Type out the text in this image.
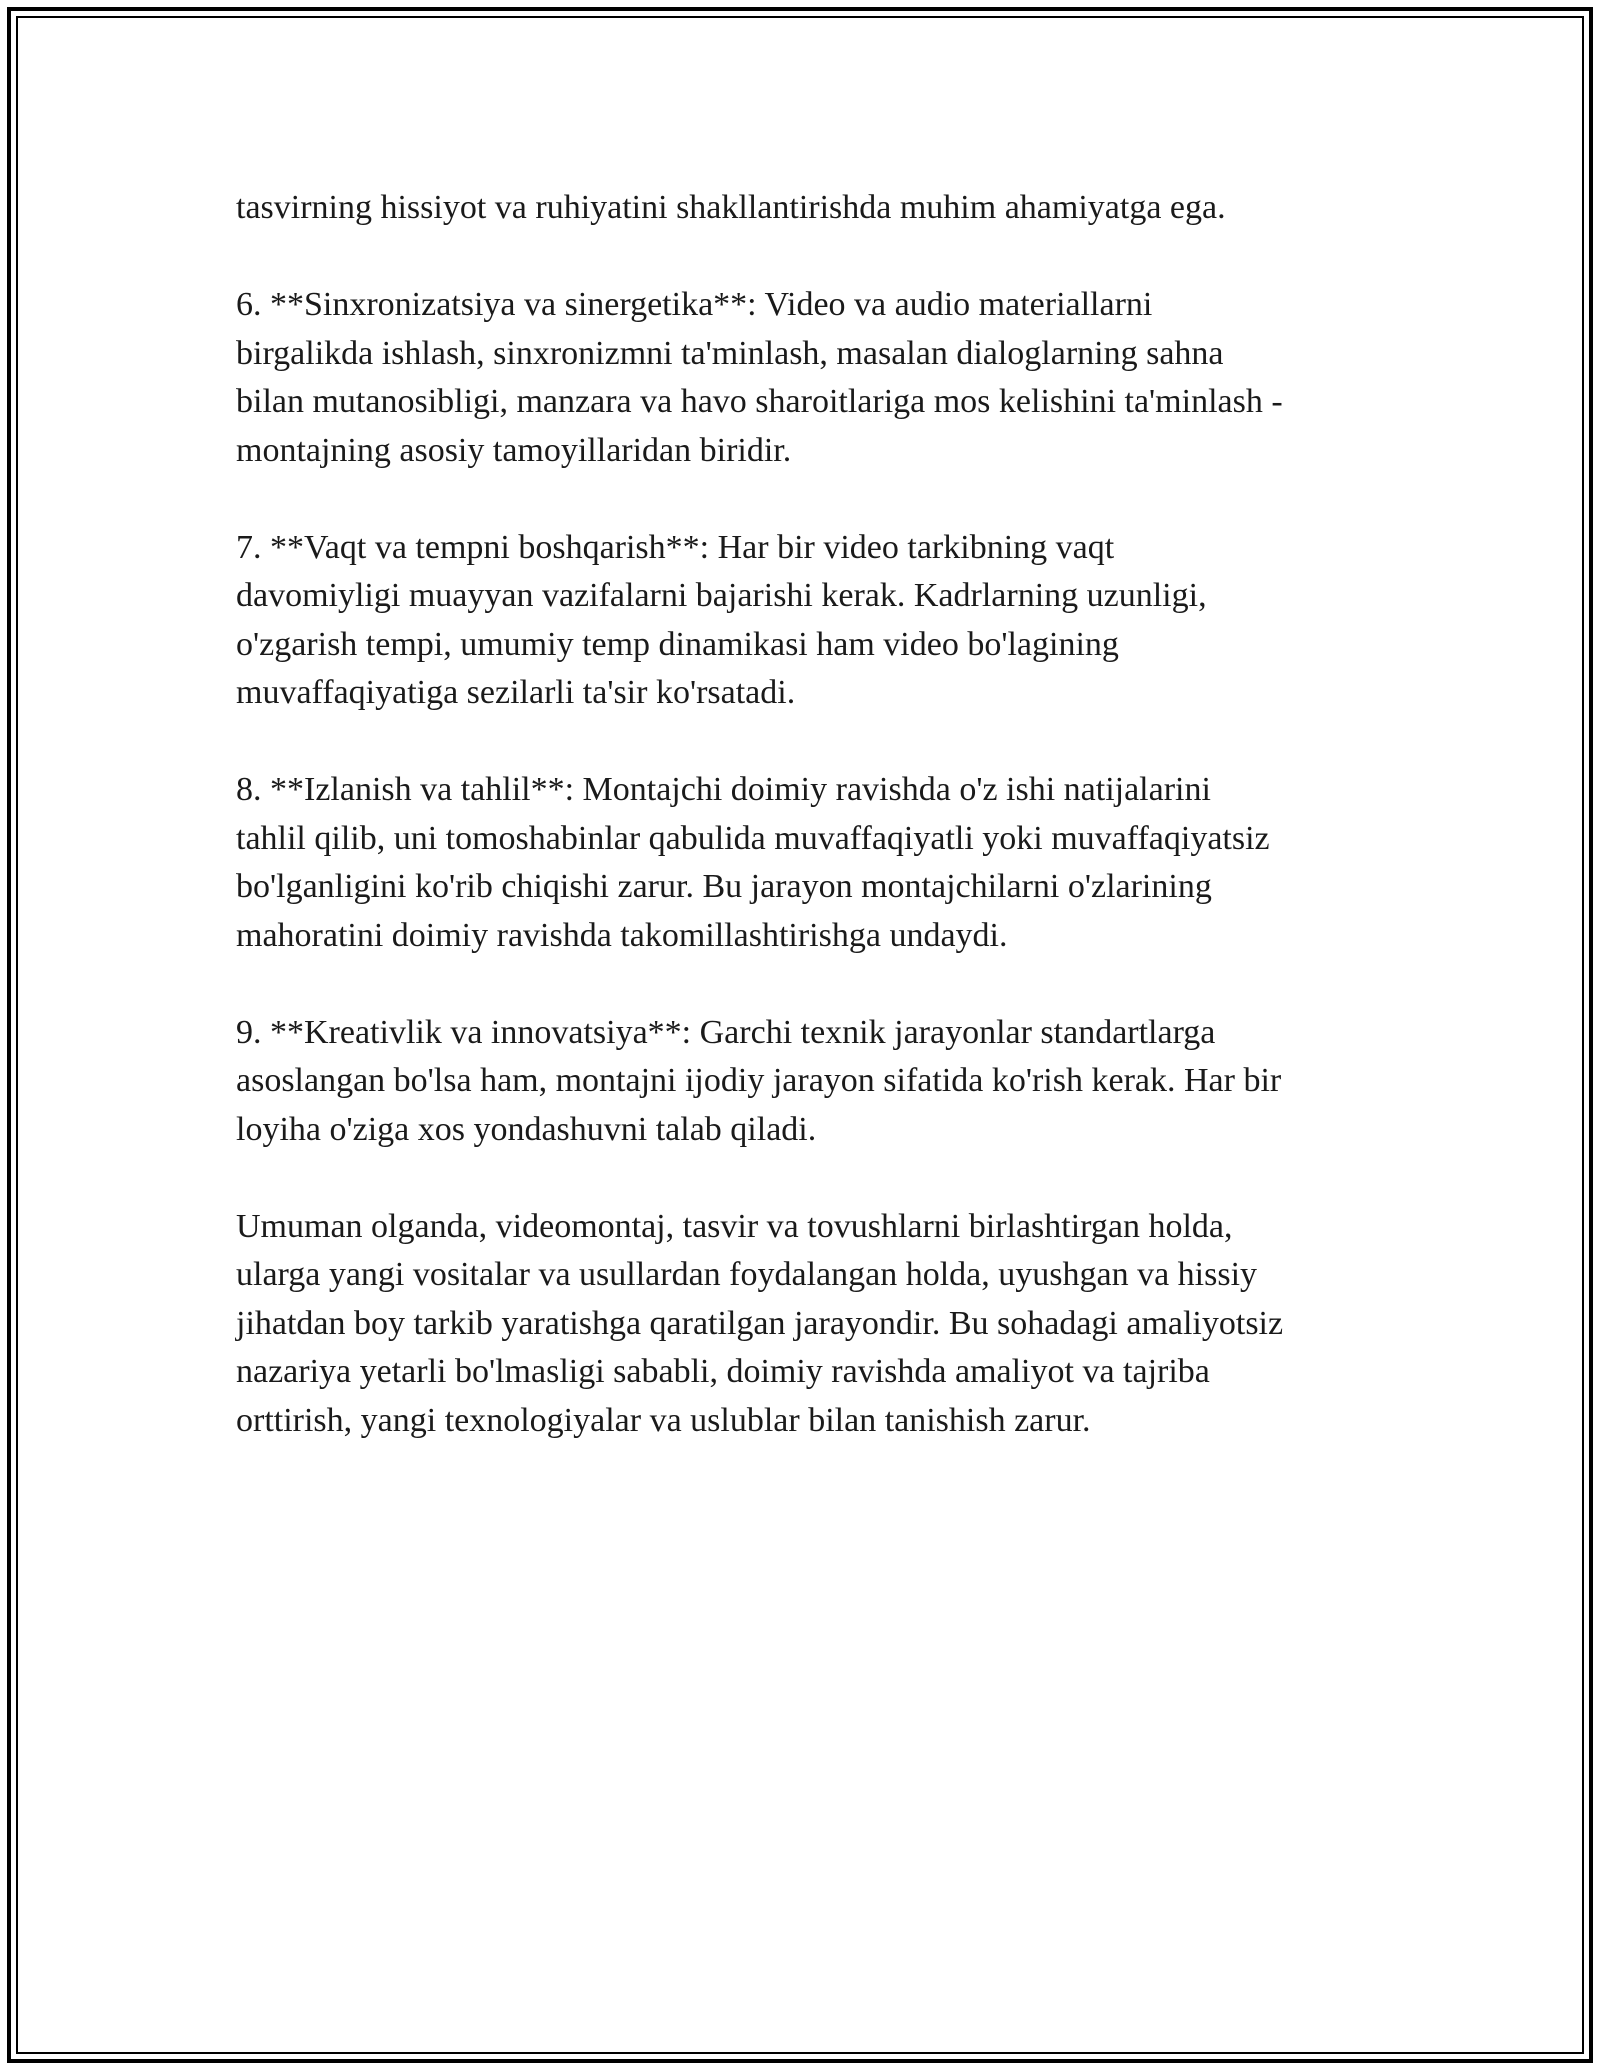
tasvirning hissiyot va ruhiyatini shakllantirishda muhim ahamiyatga ega.

6. **Sinxronizatsiya va sinergetika**: Video va audio materiallarni
birgalikda ishlash, sinxronizmni ta'minlash, masalan dialoglarning sahna
bilan mutanosibligi, manzara va havo sharoitlariga mos kelishini ta'minlash -
montajning asosiy tamoyillaridan biridir.

7. **Vaqt va tempni boshqarish**: Har bir video tarkibning vaqt
davomiyligi muayyan vazifalarni bajarishi kerak. Kadrlarning uzunligi,
o'zgarish tempi, umumiy temp dinamikasi ham video bo'lagining
muvaffaqiyatiga sezilarli ta'sir ko'rsatadi.

8. **Izlanish va tahlil**: Montajchi doimiy ravishda o'z ishi natijalarini
tahlil qilib, uni tomoshabinlar qabulida muvaffaqiyatli yoki muvaffaqiyatsiz
bo'lganligini ko'rib chiqishi zarur. Bu jarayon montajchilarni o'zlarining
mahoratini doimiy ravishda takomillashtirishga undaydi.

9. **Kreativlik va innovatsiya**: Garchi texnik jarayonlar standartlarga
asoslangan bo'lsa ham, montajni ijodiy jarayon sifatida ko'rish kerak. Har bir
loyiha o'ziga xos yondashuvni talab qiladi.

Umuman olganda, videomontaj, tasvir va tovushlarni birlashtirgan holda,
ularga yangi vositalar va usullardan foydalangan holda, uyushgan va hissiy
jihatdan boy tarkib yaratishga qaratilgan jarayondir. Bu sohadagi amaliyotsiz
nazariya yetarli bo'lmasligi sababli, doimiy ravishda amaliyot va tajriba
orttirish, yangi texnologiyalar va uslublar bilan tanishish zarur.
